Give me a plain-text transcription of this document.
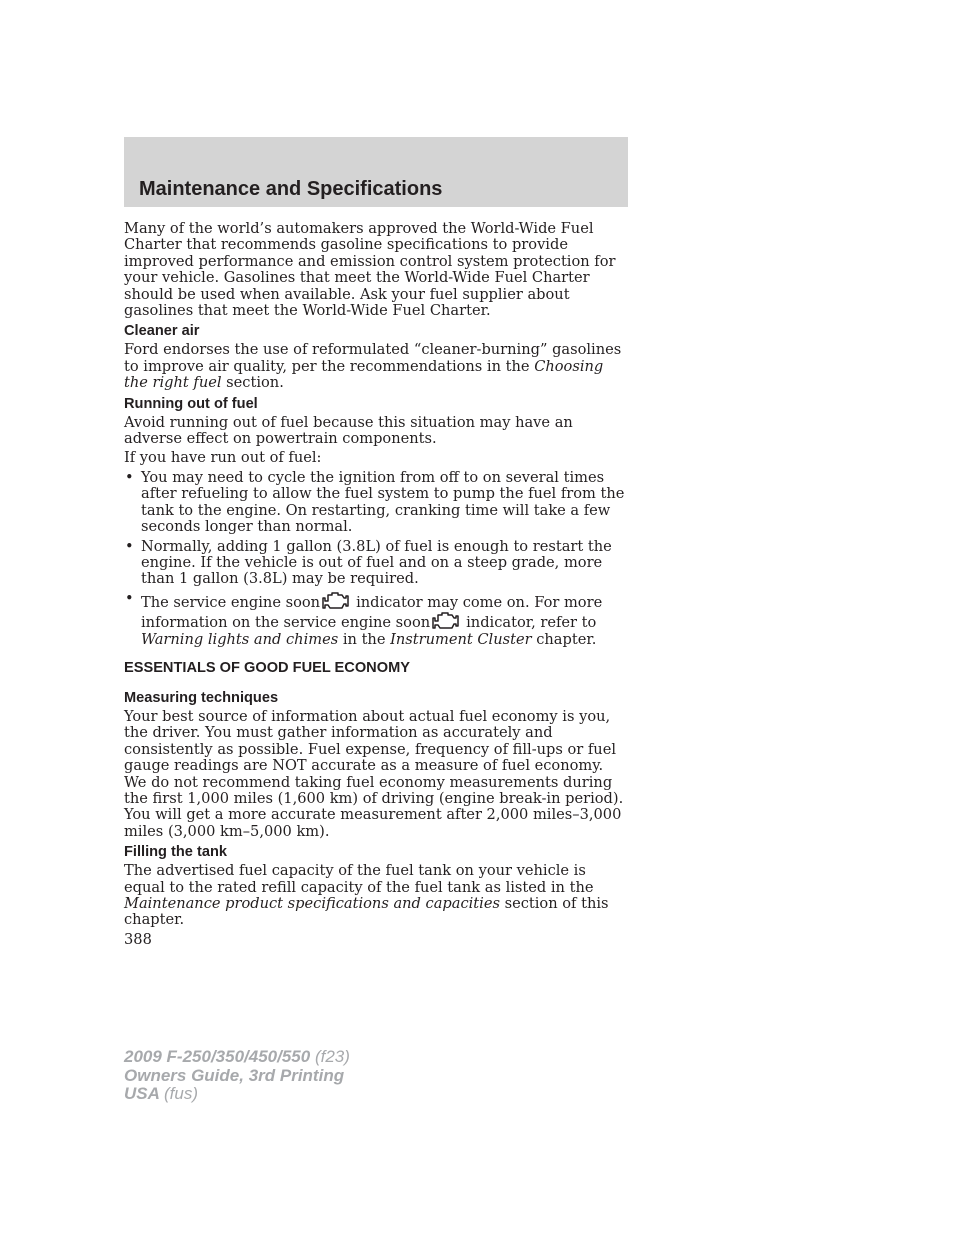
Maintenance and Specifications

Many of the world’s automakers approved the World-Wide Fuel Charter that recommends gasoline specifications to provide improved performance and emission control system protection for your vehicle. Gasolines that meet the World-Wide Fuel Charter should be used when available. Ask your fuel supplier about gasolines that meet the World-Wide Fuel Charter.

Cleaner air

Ford endorses the use of reformulated “cleaner-burning” gasolines to improve air quality, per the recommendations in the Choosing the right fuel section.

Running out of fuel

Avoid running out of fuel because this situation may have an adverse effect on powertrain components.

If you have run out of fuel:

• You may need to cycle the ignition from off to on several times after refueling to allow the fuel system to pump the fuel from the tank to the engine. On restarting, cranking time will take a few seconds longer than normal.
• Normally, adding 1 gallon (3.8L) of fuel is enough to restart the engine. If the vehicle is out of fuel and on a steep grade, more than 1 gallon (3.8L) may be required.
• The service engine soon indicator may come on. For more information on the service engine soon indicator, refer to Warning lights and chimes in the Instrument Cluster chapter.
ESSENTIALS OF GOOD FUEL ECONOMY
Measuring techniques

Your best source of information about actual fuel economy is you, the driver. You must gather information as accurately and consistently as possible. Fuel expense, frequency of fill-ups or fuel gauge readings are NOT accurate as a measure of fuel economy. We do not recommend taking fuel economy measurements during the first 1,000 miles (1,600 km) of driving (engine break-in period). You will get a more accurate measurement after 2,000 miles–3,000 miles (3,000 km–5,000 km).

Filling the tank

The advertised fuel capacity of the fuel tank on your vehicle is equal to the rated refill capacity of the fuel tank as listed in the Maintenance product specifications and capacities section of this chapter.

388

2009 F-250/350/450/550 (f23)
Owners Guide, 3rd Printing
USA (fus)
